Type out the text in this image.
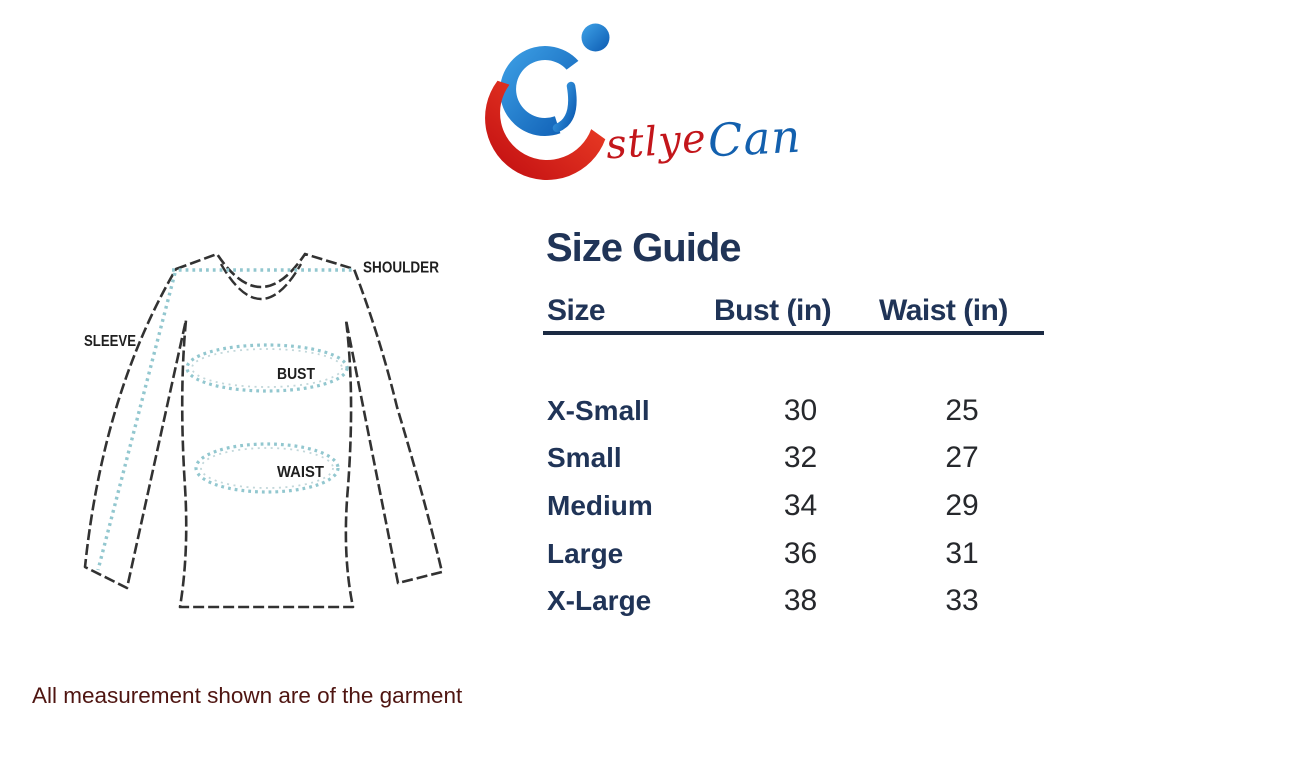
stlye
Can
SHOULDER
SLEEVE
BUST
WAIST
Size Guide
Size	Bust (in) Waist (in)
X-Small	30	25
Small	32	27
Medium	34	29
Large	36	31
X-Large	38	33
All measurement shown are of the garment
